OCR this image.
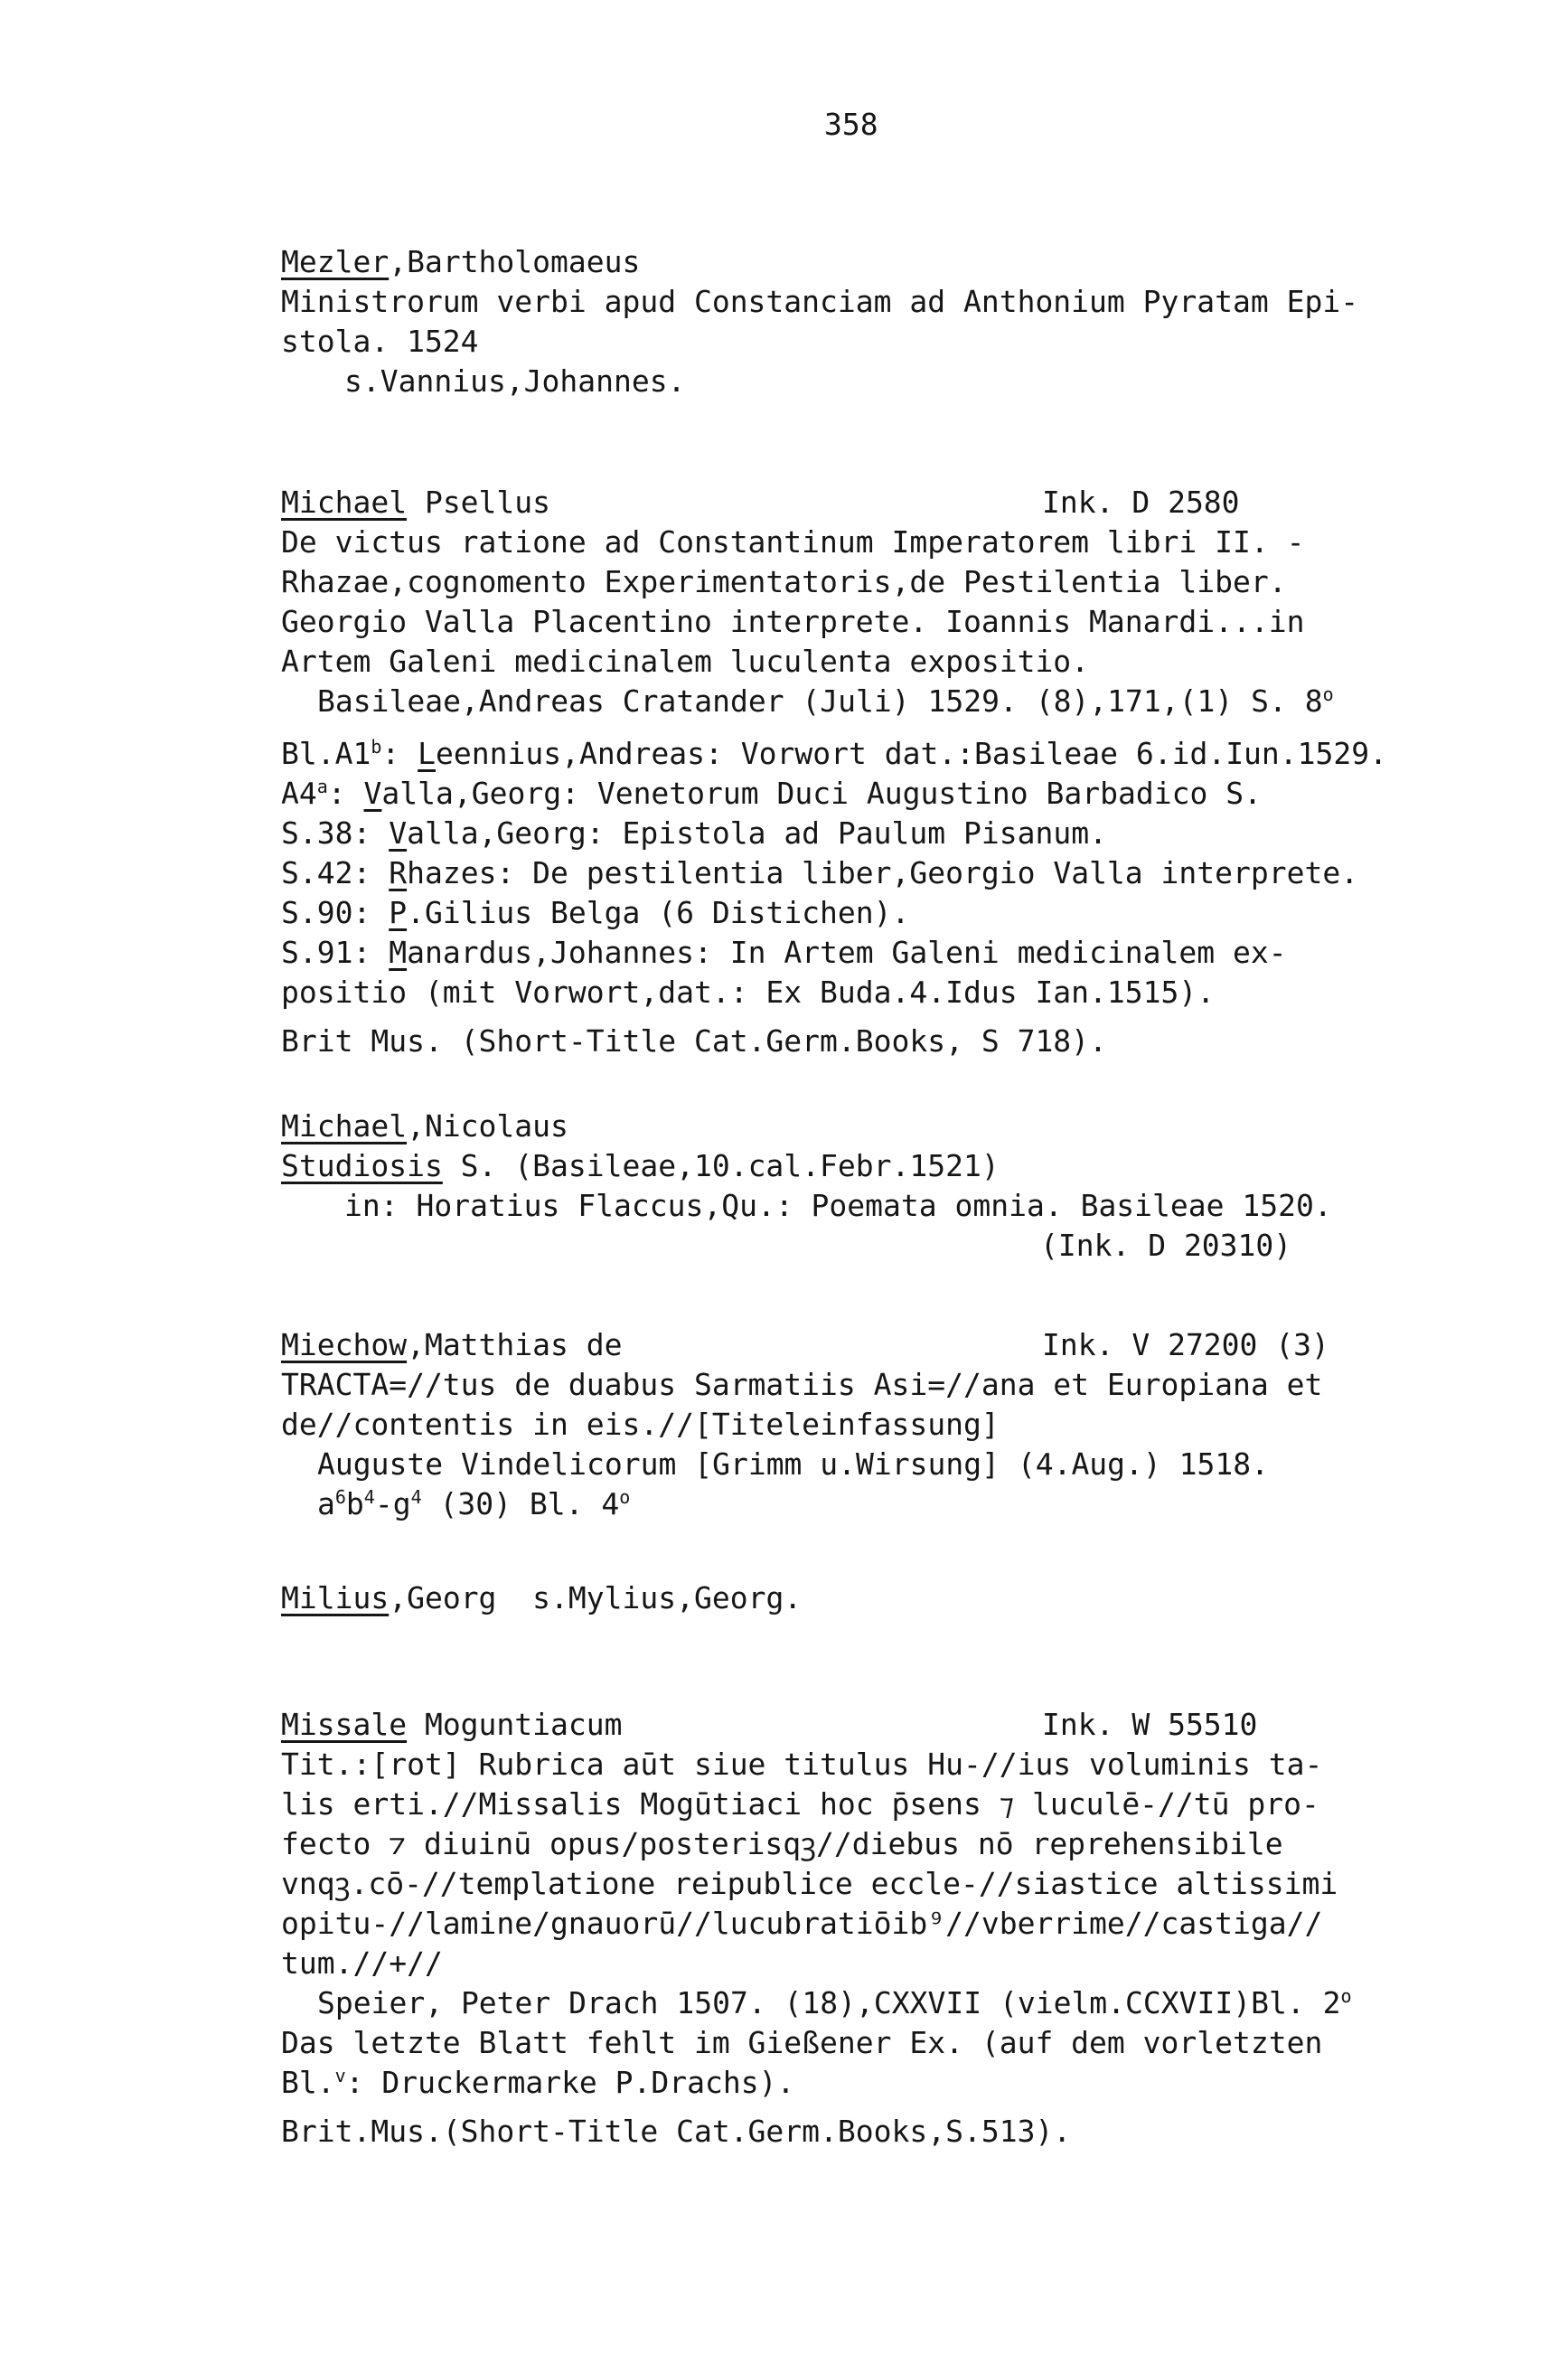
358
Mezler,Bartholomaeus
Ministrorum verbi apud Constanciam ad Anthonium Pyratam Epi-
stola. 1524
s.Vannius,Johannes.
Michael Psellus	Ink. D 2580
De victus ratione ad Constantinum Imperatorem libri II. -
Rhazae,cognomento Experimentatoris,de Pestilentia liber.
Georgio Valla Placentino interprete. Ioannis Manardi...in
Artem Galeni medicinalem luculenta expositio.
Basileae,Andreas Cratander (Juli) 1529. (8),171,(1) S. 8$^o$
Bl.A1$^b$: Leennius,Andreas: Vorwort dat.:Basileae 6.id.Iun.1529.
A4$^a$: Valla,Georg: Venetorum Duci Augustino Barbadico S.
S.38: Valla,Georg: Epistola ad Paulum Pisanum.
S.42: Rhazes: De pestilentia liber,Georgio Valla interprete.
S.90: P.Gilius Belga (6 Distichen).
S.91: Manardus,Johannes: In Artem Galeni medicinalem ex-
positio (mit Vorwort,dat.: Ex Buda.4.Idus Ian.1515).
Brit Mus. (Short-Title Cat.Germ.Books, S 718).
Michael,Nicolaus
Studiosis S. (Basileae,10.cal.Febr.1521)
in: Horatius Flaccus,Qu.: Poemata omnia. Basileae 1520.
(Ink. D 20310)
Miechow,Matthias de	Ink. V 27200 (3)
TRACTA=//tus de duabus Sarmatiis Asi=//ana et Europiana et
de//contentis in eis.//[Titeleinfassung]
Auguste Vindelicorum [Grimm u.Wirsung] (4.Aug.) 1518.
$a^6b^4-g^4$ (30) Bl. 4$^o$
Milius,Georg  s.Mylius,Georg.
Missale Moguntiacum	Ink. W 55510
Tit.:[rot] Rubrica aūt siue titulus Hu-//ius voluminis ta-
lis erti.//Missalis Mogūtiaci hoc p̄sens ⁊ luculē-//tū pro-
fecto ⁊ diuinū opus/posterisqꝫ//diebus nō reprehensibile
vnqꝫ.cō-//templatione reipublice eccle-//siastice altissimi
opitu-//lamine/gnauorū//lucubratiōib⁹//vberrime//castiga//
tum.//+//
Speier, Peter Drach 1507. (18),CXXVII (vielm.CCXVII)Bl. 2$^o$
Das letzte Blatt fehlt im Gießener Ex. (auf dem vorletzten
Bl.$^v$: Druckermarke P.Drachs).
Brit.Mus.(Short-Title Cat.Germ.Books,S.513).
